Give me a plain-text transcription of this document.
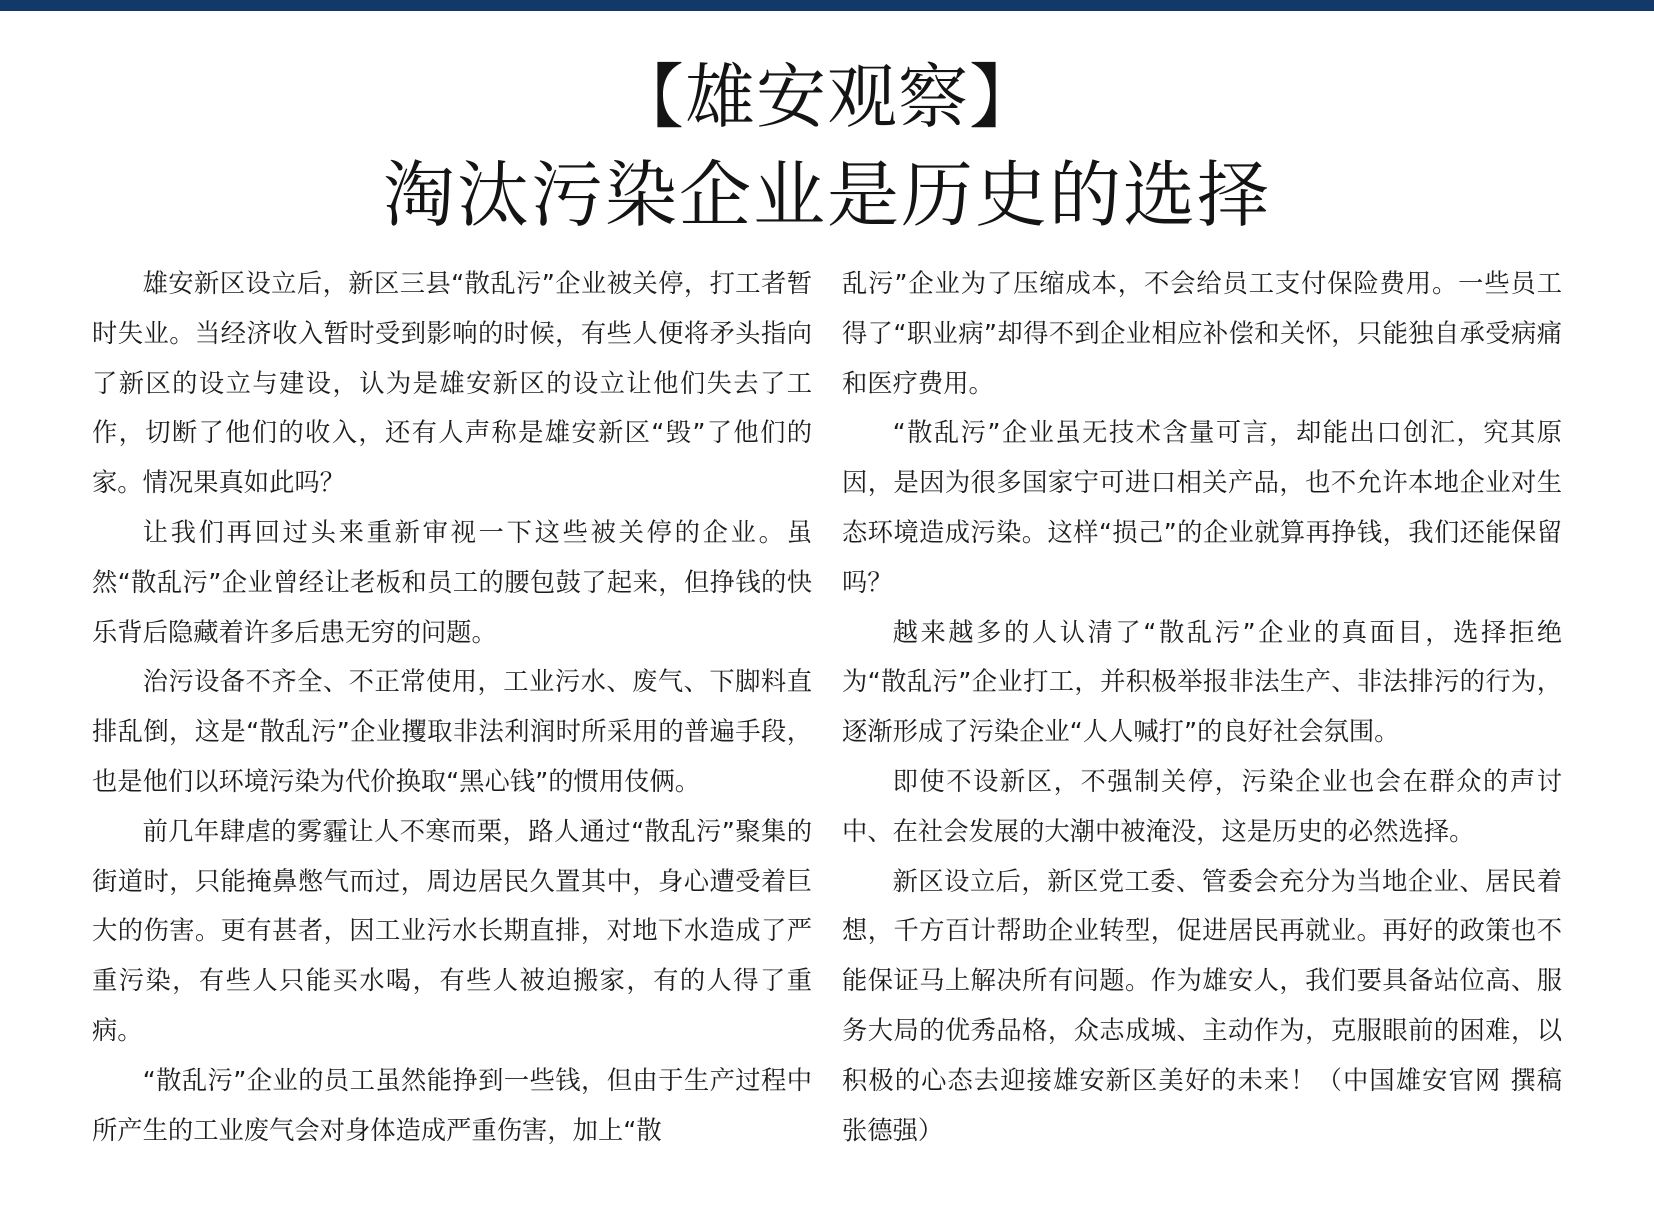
【雄安观察】
淘汰污染企业是历史的选择

雄安新区设立后，新区三县“散乱污”企业被关停，打工者暂时失业。当经济收入暂时受到影响的时候，有些人便将矛头指向了新区的设立与建设，认为是雄安新区的设立让他们失去了工作，切断了他们的收入，还有人声称是雄安新区“毁”了他们的家。情况果真如此吗？

让我们再回过头来重新审视一下这些被关停的企业。虽然“散乱污”企业曾经让老板和员工的腰包鼓了起来，但挣钱的快乐背后隐藏着许多后患无穷的问题。

治污设备不齐全、不正常使用，工业污水、废气、下脚料直排乱倒，这是“散乱污”企业攫取非法利润时所采用的普遍手段，也是他们以环境污染为代价换取“黑心钱”的惯用伎俩。

前几年肆虐的雾霾让人不寒而栗，路人通过“散乱污”聚集的街道时，只能掩鼻憋气而过，周边居民久置其中，身心遭受着巨大的伤害。更有甚者，因工业污水长期直排，对地下水造成了严重污染，有些人只能买水喝，有些人被迫搬家，有的人得了重病。

“散乱污”企业的员工虽然能挣到一些钱，但由于生产过程中所产生的工业废气会对身体造成严重伤害，加上“散

乱污”企业为了压缩成本，不会给员工支付保险费用。一些员工得了“职业病”却得不到企业相应补偿和关怀，只能独自承受病痛和医疗费用。

“散乱污”企业虽无技术含量可言，却能出口创汇，究其原因，是因为很多国家宁可进口相关产品，也不允许本地企业对生态环境造成污染。这样“损己”的企业就算再挣钱，我们还能保留吗？

越来越多的人认清了“散乱污”企业的真面目，选择拒绝为“散乱污”企业打工，并积极举报非法生产、非法排污的行为，逐渐形成了污染企业“人人喊打”的良好社会氛围。

即使不设新区，不强制关停，污染企业也会在群众的声讨中、在社会发展的大潮中被淹没，这是历史的必然选择。

新区设立后，新区党工委、管委会充分为当地企业、居民着想，千方百计帮助企业转型，促进居民再就业。再好的政策也不能保证马上解决所有问题。作为雄安人，我们要具备站位高、服务大局的优秀品格，众志成城、主动作为，克服眼前的困难，以积极的心态去迎接雄安新区美好的未来！（中国雄安官网 撰稿 张德强）
